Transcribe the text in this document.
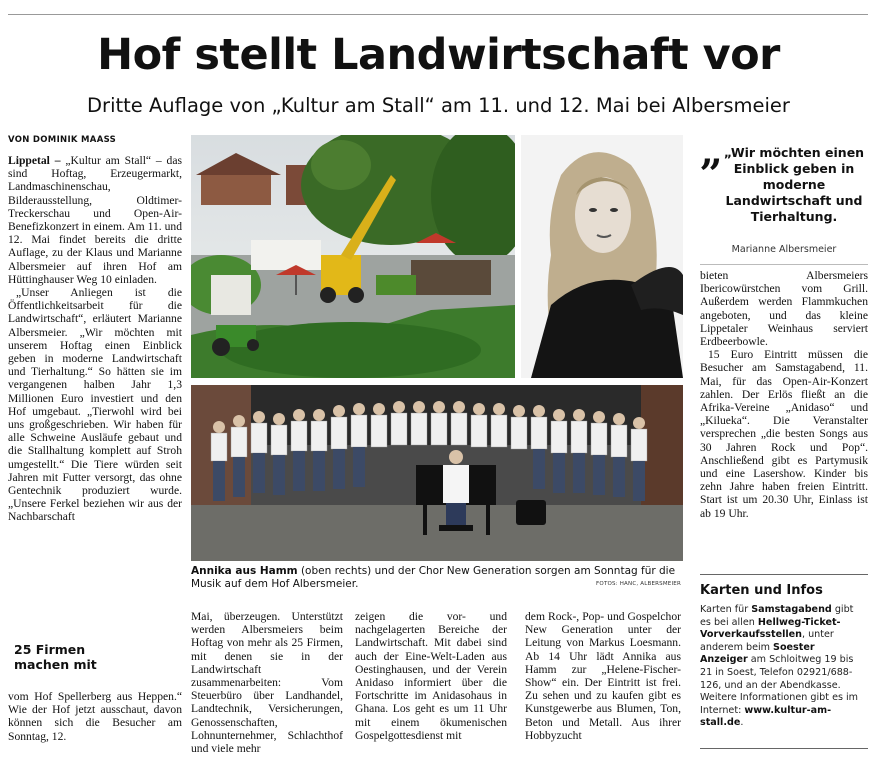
Hof stellt Landwirtschaft vor
Dritte Auflage von „Kultur am Stall“ am 11. und 12. Mai bei Albersmeier
VON DOMINIK MAASS

Lippetal – „Kultur am Stall“ – das sind Hoftag, Erzeugermarkt, Landmaschinenschau, Bilderausstellung, Oldtimer-Treckerschau und Open-Air-Benefizkonzert in einem. Am 11. und 12. Mai findet bereits die dritte Auflage, zu der Klaus und Marianne Albersmeier auf ihren Hof am Hüttinghauser Weg 10 einladen.

„Unser Anliegen ist die Öffentlichkeitsarbeit für die Landwirtschaft“, erläutert Marianne Albersmeier. „Wir möchten mit unserem Hoftag einen Einblick geben in moderne Landwirtschaft und Tierhaltung.“ So hätten sie im vergangenen halben Jahr 1,3 Millionen Euro investiert und den Hof umgebaut. „Tierwohl wird bei uns großgeschrieben. Wir haben für alle Schweine Ausläufe gebaut und die Stallhaltung komplett auf Stroh umgestellt.“ Die Tiere würden seit Jahren mit Futter versorgt, das ohne Gentechnik produziert wurde. „Unsere Ferkel beziehen wir aus der Nachbarschaft

25 Firmen machen mit

vom Hof Spellerberg aus Heppen.“ Wie der Hof jetzt ausschaut, davon können sich die Besucher am Sonntag, 12.

Annika aus Hamm (oben rechts) und der Chor New Generation sorgen am Sonntag für die Musik auf dem Hof Albersmeier.	FOTOS: HANC, ALBERSMEIER

Mai, überzeugen. Unterstützt werden Albersmeiers beim Hoftag von mehr als 25 Firmen, mit denen sie in der Landwirtschaft zusammenarbeiten: Vom Steuerbüro über Landhandel, Landtechnik, Versicherungen, Genossenschaften, Lohnunternehmer, Schlachthof und viele mehr

zeigen die vor- und nachgelagerten Bereiche der Landwirtschaft. Mit dabei sind auch der Eine-Welt-Laden aus Oestinghausen, und der Verein Anidaso informiert über die Fortschritte im Anidasohaus in Ghana. Los geht es um 11 Uhr mit einem ökumenischen Gospelgottesdienst mit

dem Rock-, Pop- und Gospelchor New Generation unter der Leitung von Markus Loesmann. Ab 14 Uhr lädt Annika aus Hamm zur „Helene-Fischer-Show“ ein. Der Eintritt ist frei. Zu sehen und zu kaufen gibt es Kunstgewerbe aus Blumen, Ton, Beton und Metall. Aus ihrer Hobbyzucht

„ „Wir möchten einen Einblick geben in moderne Landwirtschaft und Tierhaltung.
Marianne Albersmeier

bieten Albersmeiers Ibericowürstchen vom Grill. Außerdem werden Flammkuchen angeboten, und das kleine Lippetaler Weinhaus serviert Erdbeerbowle.

15 Euro Eintritt müssen die Besucher am Samstagabend, 11. Mai, für das Open-Air-Konzert zahlen. Der Erlös fließt an die Afrika-Vereine „Anidaso“ und „Kilueka“. Die Veranstalter versprechen „die besten Songs aus 30 Jahren Rock und Pop“. Anschließend gibt es Partymusik und eine Lasershow. Kinder bis zehn Jahre haben freien Eintritt. Start ist um 20.30 Uhr, Einlass ist ab 19 Uhr.

Karten und Infos
Karten für Samstagabend gibt es bei allen Hellweg-Ticket-Vorverkaufsstellen, unter anderem beim Soester Anzeiger am Schloitweg 19 bis 21 in Soest, Telefon 02921/688-126, und an der Abendkasse. Weitere Informationen gibt es im Internet: www.kultur-am-stall.de.
